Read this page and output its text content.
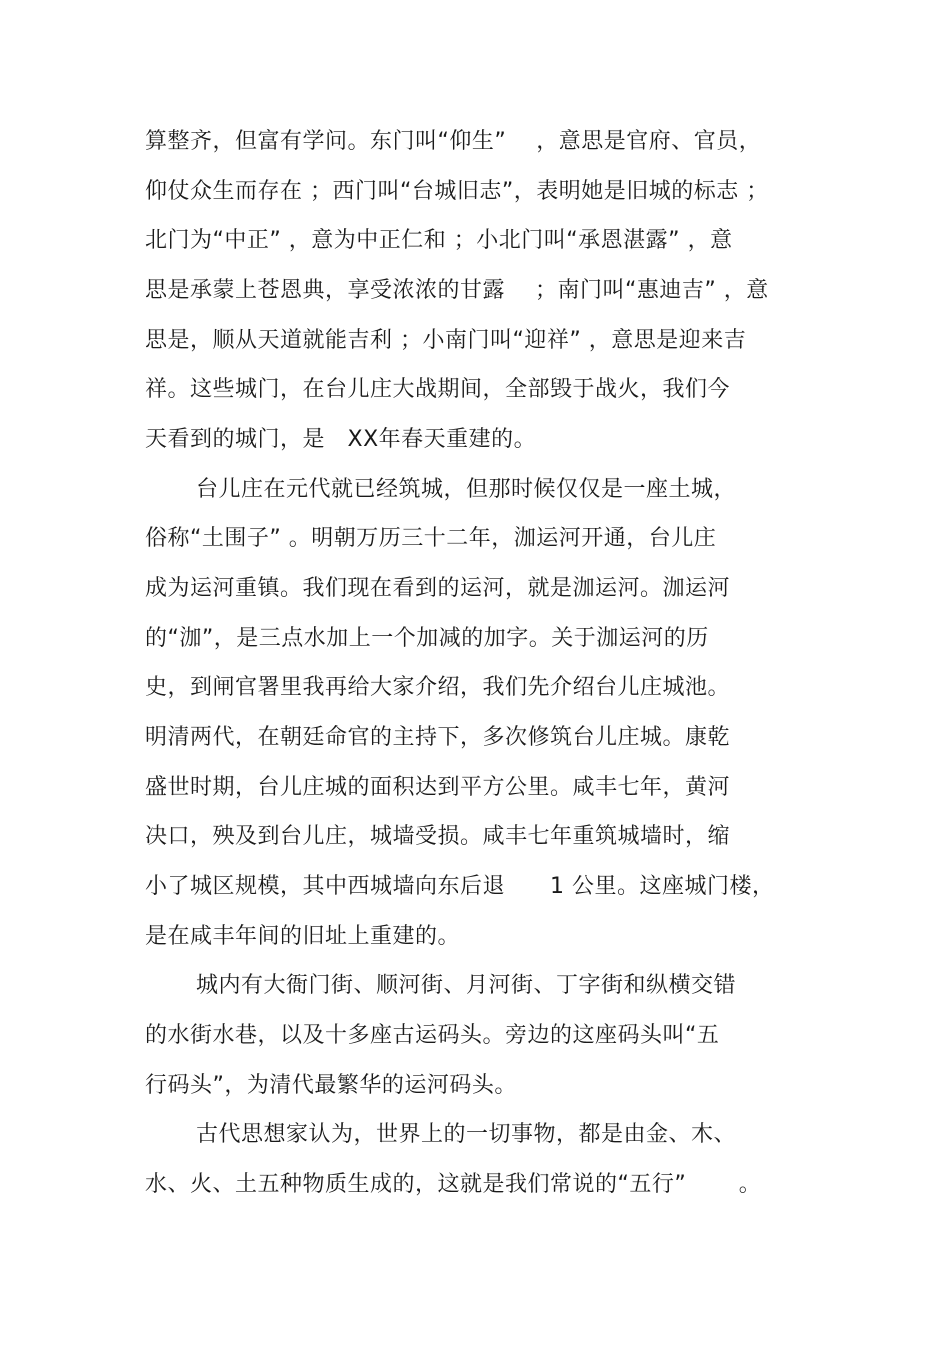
算整齐，但富有学问。东门叫“仰生”　 ，意思是官府、官员，
仰仗众生而存在 ；西门叫“台城旧志”，表明她是旧城的标志 ；
北门为“中正” ，意为中正仁和 ；小北门叫“承恩湛露” ，意
思是承蒙上苍恩典，享受浓浓的甘露　 ；南门叫“惠迪吉” ，意
思是，顺从天道就能吉利 ；小南门叫“迎祥” ，意思是迎来吉
祥。这些城门，在台儿庄大战期间，全部毁于战火，我们今
天看到的城门，是　XX年春天重建的。
台儿庄在元代就已经筑城，但那时候仅仅是一座土城，
俗称“土围子” 。明朝万历三十二年，泇运河开通，台儿庄
成为运河重镇。我们现在看到的运河，就是泇运河。泇运河
的“泇”，是三点水加上一个加减的加字。关于泇运河的历
史，到闸官署里我再给大家介绍，我们先介绍台儿庄城池。
明清两代，在朝廷命官的主持下，多次修筑台儿庄城。康乾
盛世时期，台儿庄城的面积达到平方公里。咸丰七年，黄河
决口，殃及到台儿庄，城墙受损。咸丰七年重筑城墙时，缩
小了城区规模，其中西城墙向东后退　　1 公里。这座城门楼，
是在咸丰年间的旧址上重建的。
城内有大衙门街、顺河街、月河街、丁字街和纵横交错
的水街水巷，以及十多座古运码头。旁边的这座码头叫“五
行码头”，为清代最繁华的运河码头。
古代思想家认为，世界上的一切事物，都是由金、木、
水、火、土五种物质生成的，这就是我们常说的“五行”　　 。
